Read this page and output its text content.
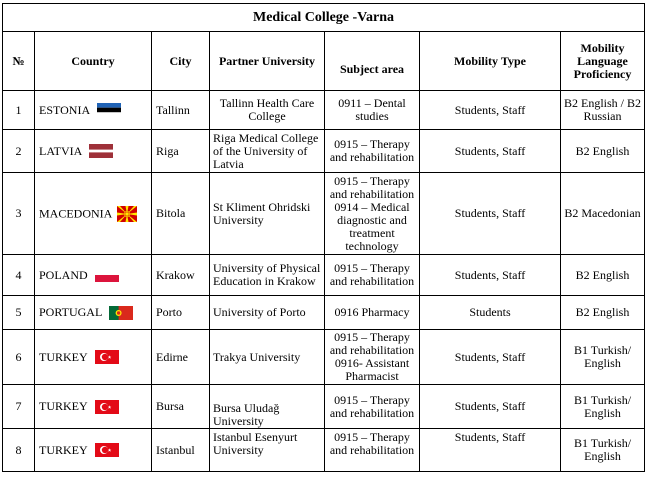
Medical College -Varna						
№	Country	City	Partner University	Subject area	Mobility Type	Mobility Language Proficiency
1	ESTONIA	Tallinn	Tallinn Health Care College	0911 – Dental studies	Students, Staff	B2 English / B2 Russian
2	LATVIA	Riga	Riga Medical College of the University of Latvia	0915 – Therapy and rehabilitation	Students, Staff	B2 English
3	MACEDONIA	Bitola	St Kliment Ohridski University	0915 – Therapy and rehabilitation 0914 – Medical diagnostic and treatment technology	Students, Staff	B2 Macedonian
4	POLAND	Krakow	University of Physical Education in Krakow	0915 – Therapy and rehabilitation	Students, Staff	B2 English
5	PORTUGAL	Porto	University of Porto	0916 Pharmacy	Students	B2 English
6	TURKEY	Edirne	Trakya University	0915 – Therapy and rehabilitation 0916- Assistant Pharmacist	Students, Staff	B1 Turkish/ English
7	TURKEY	Bursa	Bursa Uludağ University	0915 – Therapy and rehabilitation	Students, Staff	B1 Turkish/ English
8	TURKEY	Istanbul	Istanbul Esenyurt University	0915 – Therapy and rehabilitation	Students, Staff	B1 Turkish/ English
